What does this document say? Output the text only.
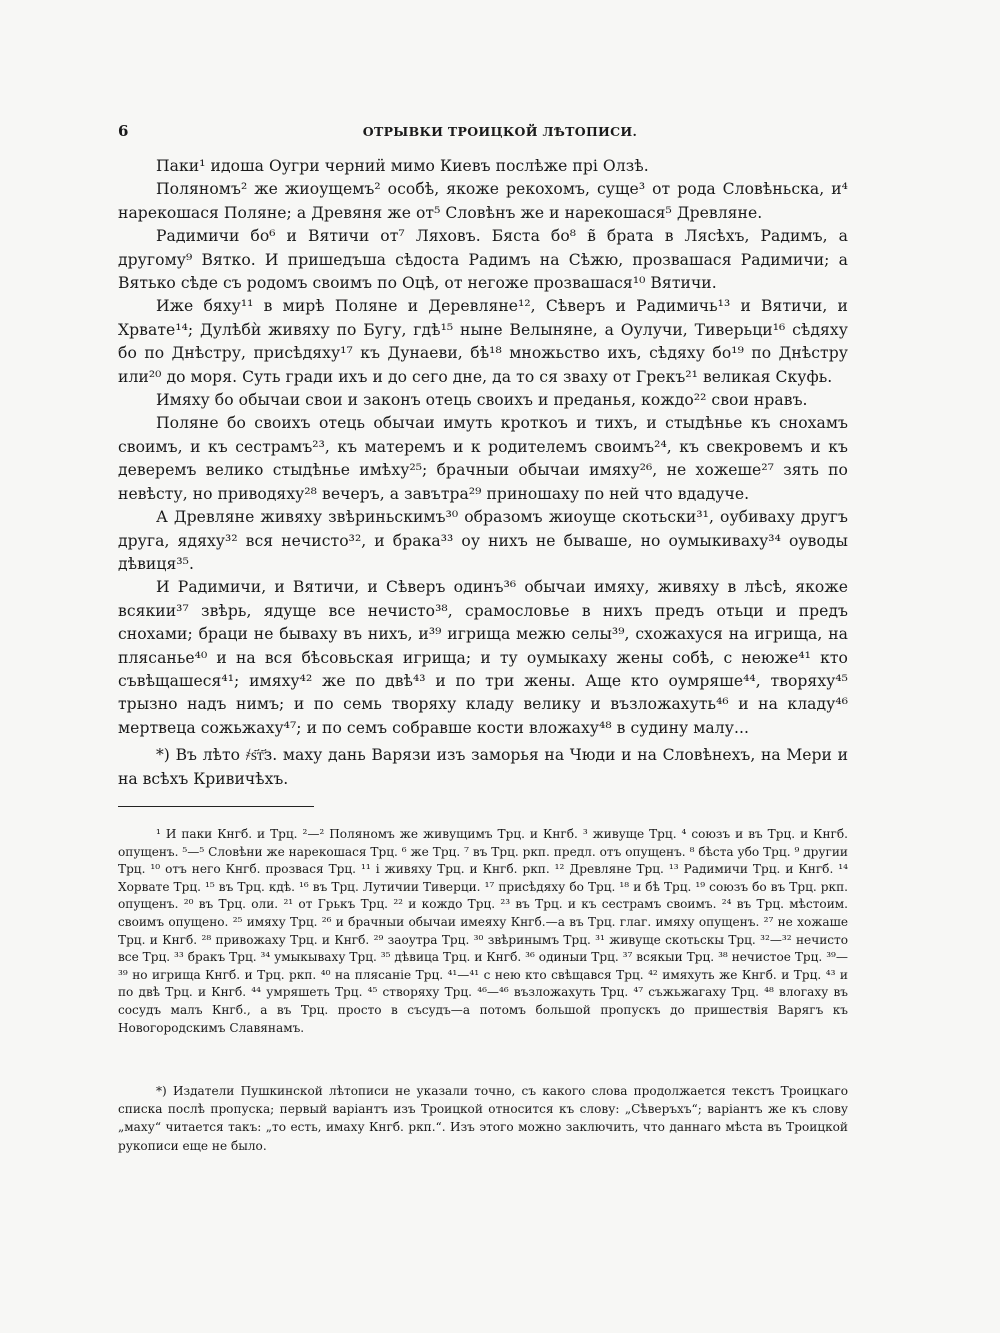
6	ОТРЫВКИ ТРОИЦКОЙ ЛѢТОПИСИ.

Паки¹ идоша Оугри черниӥ мимо Киевъ послѣже прі Олзѣ.

Поляномъ² же жиоущемъ² особѣ, якоже рекохомъ, суще³ от рода Словѣньска, и⁴ нарекошася Поляне; а Древяня же от⁵ Словѣнъ же и нарекошася⁵ Древляне.

Радимичи бо⁶ и Вятичи от⁷ Ляховъ. Бяста бо⁸ в̃ брата в Лясѣхъ, Радимъ, а другому⁹ Вятко. И пришедъша сѣдоста Радимъ на Сѣжю, прозвашася Радимичи; а Вятько сѣде съ родомъ своимъ по Оцѣ, от негоже прозвашася¹⁰ Вятичи.

Иже бяху¹¹ в мирѣ Поляне и Деревляне¹², Сѣверъ и Радимичь¹³ и Вятичи, и Хрвате¹⁴; Дулѣбѝ живяху по Бугу, гдѣ¹⁵ ныне Велыняне, а Оулучи, Тиверьци¹⁶ сѣдяху бо по Днѣстру, присѣдяху¹⁷ къ Дунаеви, бѣ¹⁸ множьство ихъ, сѣдяху бо¹⁹ по Днѣстру или²⁰ до моря. Суть гради ихъ и до сего дне, да то ся зваху от Грекъ²¹ великая Скуфь.

Имяху бо обычаи свои и законъ отець своихъ и преданья, кождо²² свои нравъ.

Поляне бо своихъ отець обычаи имуть кроткоъ и тихъ, и стыдѣнье къ снохамъ своимъ, и къ сестрамъ²³, къ матеремъ и к родителемъ своимъ²⁴, къ свекровемъ и къ деверемъ велико стыдѣнье имѣху²⁵; брачныи обычаи имяху²⁶, не хожеше²⁷ зять по невѣсту, но приводяху²⁸ вечеръ, а завътра²⁹ приношаху по ней что вдадуче.

А Древляне живяху звѣриньскимъ³⁰ образомъ жиоуще скотьски³¹, оубиваху другъ друга, ядяху³² вся нечисто³², и брака³³ оу нихъ не бываше, но оумыкиваху³⁴ оуводы дѣвиця³⁵.

И Радимичи, и Вятичи, и Сѣверъ одинъ³⁶ обычаи имяху, живяху в лѣсѣ, якоже всякии³⁷ звѣрь, ядуще все нечисто³⁸, срамословье в нихъ предъ отьци и предъ снохами; браци не бываху въ нихъ, и³⁹ игрища межю селы³⁹, схожахуся на игрища, на плясанье⁴⁰ и на вся бѣсовьская игрища; и ту оумыкаху жены собѣ, с неюже⁴¹ кто съвѣщашеся⁴¹; имяху⁴² же по двѣ⁴³ и по три жены. Аще кто оумряше⁴⁴, творяху⁴⁵ трызно надъ нимъ; и по семь творяху кладу велику и възложахуть⁴⁶ и на кладу⁴⁶ мертвеца сожьжаху⁴⁷; и по семъ собравше кости вложаху⁴⁸ в судину малу...

*) Въ лѣто ҂ѕ҃т҃з. маху дань Варязи изъ заморья на Чюди и на Словѣнехъ, на Мери и на всѣхъ Кривичѣхъ.

¹ И паки Кнгб. и Трц. ²—² Поляномъ же живущимъ Трц. и Кнгб. ³ живуще Трц. ⁴ союзъ и въ Трц. и Кнгб. опущенъ. ⁵—⁵ Словѣни же нарекошася Трц. ⁶ же Трц. ⁷ въ Трц. ркп. предл. отъ опущенъ. ⁸ бѣста убо Трц. ⁹ другии Трц. ¹⁰ отъ него Кнгб. прозвася Трц. ¹¹ і живяху Трц. и Кнгб. ркп. ¹² Древляне Трц. ¹³ Радимичи Трц. и Кнгб. ¹⁴ Хорвате Трц. ¹⁵ въ Трц. кдѣ. ¹⁶ въ Трц. Лутичии Тиверци. ¹⁷ присѣдяху бо Трц. ¹⁸ и бѣ Трц. ¹⁹ союзъ бо въ Трц. ркп. опущенъ. ²⁰ въ Трц. оли. ²¹ от Грькъ Трц. ²² и кождо Трц. ²³ въ Трц. и къ сестрамъ своимъ. ²⁴ въ Трц. мѣстоим. своимъ опущено. ²⁵ имяху Трц. ²⁶ и брачныи обычаи имеяху Кнгб.—а въ Трц. глаг. имяху опущенъ. ²⁷ не хожаше Трц. и Кнгб. ²⁸ привожаху Трц. и Кнгб. ²⁹ заоутра Трц. ³⁰ звѣринымъ Трц. ³¹ живуще скотьскы Трц. ³²—³² нечисто все Трц. ³³ бракъ Трц. ³⁴ умыкываху Трц. ³⁵ дѣвица Трц. и Кнгб. ³⁶ одиныи Трц. ³⁷ всякыи Трц. ³⁸ нечистое Трц. ³⁹—³⁹ но игрища Кнгб. и Трц. ркп. ⁴⁰ на плясаніе Трц. ⁴¹—⁴¹ с нею кто свѣщався Трц. ⁴² имяхуть же Кнгб. и Трц. ⁴³ и по двѣ Трц. и Кнгб. ⁴⁴ умряшеть Трц. ⁴⁵ створяху Трц. ⁴⁶—⁴⁶ възложахуть Трц. ⁴⁷ съжьжагаху Трц. ⁴⁸ влогаху въ сосудъ малъ Кнгб., а въ Трц. просто в съсудъ—а потомъ большой пропускъ до пришествія Варягъ къ Новогородскимъ Славянамъ.

*) Издатели Пушкинской лѣтописи не указали точно, съ какого слова продолжается текстъ Троицкаго списка послѣ пропуска; первый варіантъ изъ Троицкой относится къ слову: „Сѣверъхъ“; варіантъ же къ слову „маху“ читается такъ: „то есть, имаху Кнгб. ркп.“. Изъ этого можно заключить, что даннаго мѣста въ Троицкой рукописи еще не было.
